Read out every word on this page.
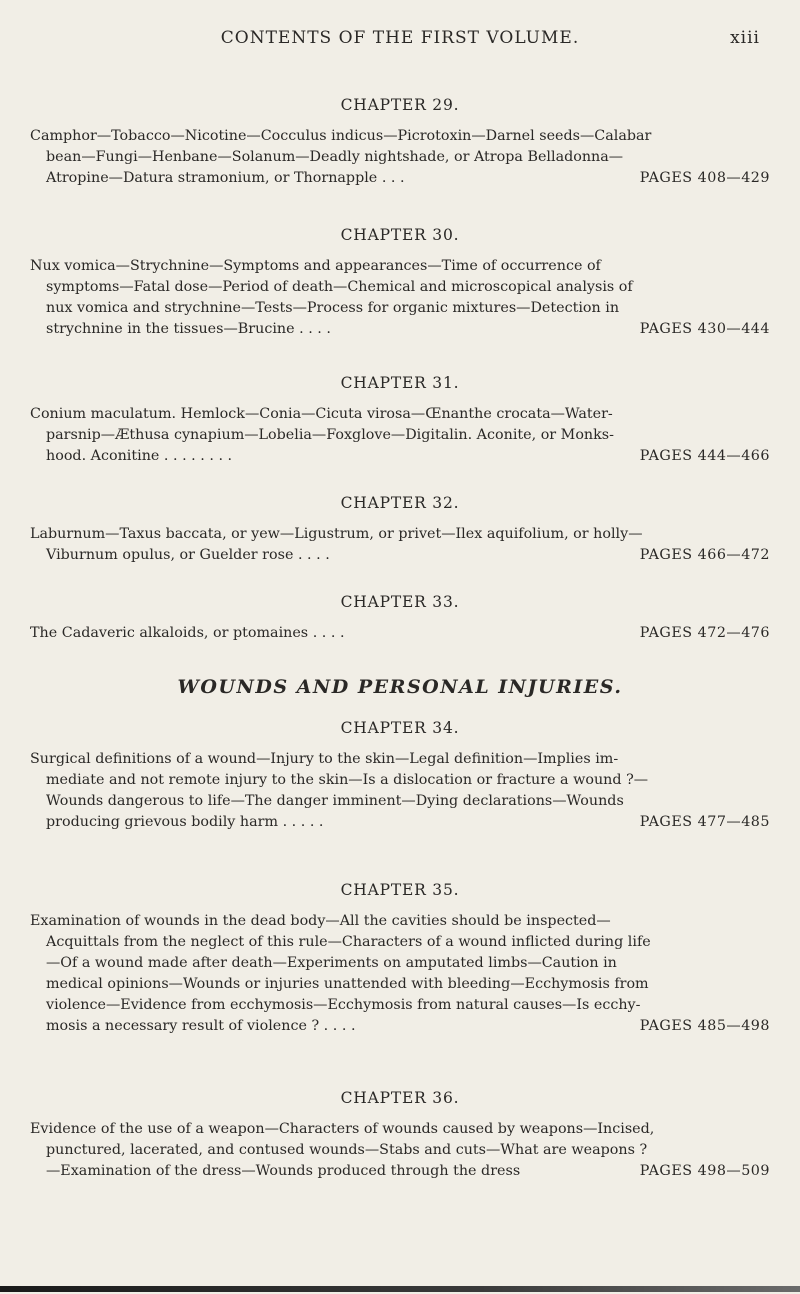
CONTENTS OF THE FIRST VOLUME.	xiii
CHAPTER 29.
Camphor—Tobacco—Nicotine—Cocculus indicus—Picrotoxin—Darnel seeds—Calabar
bean—Fungi—Henbane—Solanum—Deadly nightshade, or Atropa Belladonna—
Atropine—Datura stramonium, or Thornapple . . .	PAGES 408—429
CHAPTER 30.
Nux vomica—Strychnine—Symptoms and appearances—Time of occurrence of
symptoms—Fatal dose—Period of death—Chemical and microscopical analysis of
nux vomica and strychnine—Tests—Process for organic mixtures—Detection in
strychnine in the tissues—Brucine . . . .	PAGES 430—444
CHAPTER 31.
Conium maculatum. Hemlock—Conia—Cicuta virosa—Œnanthe crocata—Water-
parsnip—Æthusa cynapium—Lobelia—Foxglove—Digitalin. Aconite, or Monks-
hood. Aconitine . . . . . . . .	PAGES 444—466
CHAPTER 32.
Laburnum—Taxus baccata, or yew—Ligustrum, or privet—Ilex aquifolium, or holly—
Viburnum opulus, or Guelder rose . . . .	PAGES 466—472
CHAPTER 33.
The Cadaveric alkaloids, or ptomaines . . . .	PAGES 472—476
WOUNDS AND PERSONAL INJURIES.
CHAPTER 34.
Surgical definitions of a wound—Injury to the skin—Legal definition—Implies im-
mediate and not remote injury to the skin—Is a dislocation or fracture a wound ?—
Wounds dangerous to life—The danger imminent—Dying declarations—Wounds
producing grievous bodily harm . . . . .	PAGES 477—485
CHAPTER 35.
Examination of wounds in the dead body—All the cavities should be inspected—
Acquittals from the neglect of this rule—Characters of a wound inflicted during life
—Of a wound made after death—Experiments on amputated limbs—Caution in
medical opinions—Wounds or injuries unattended with bleeding—Ecchymosis from
violence—Evidence from ecchymosis—Ecchymosis from natural causes—Is ecchy-
mosis a necessary result of violence ? . . . .	PAGES 485—498
CHAPTER 36.
Evidence of the use of a weapon—Characters of wounds caused by weapons—Incised,
punctured, lacerated, and contused wounds—Stabs and cuts—What are weapons ?
—Examination of the dress—Wounds produced through the dress	PAGES 498—509
